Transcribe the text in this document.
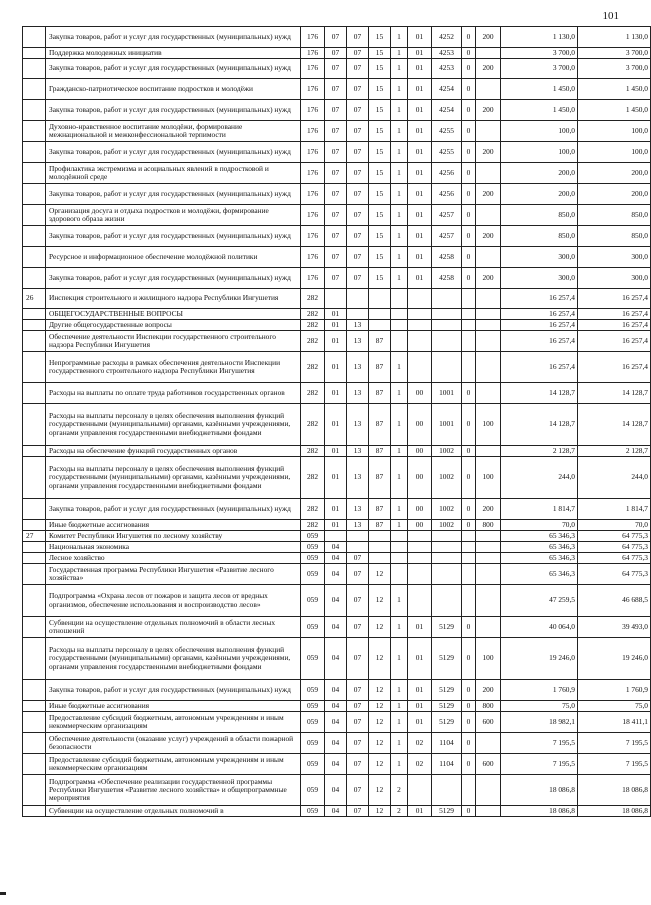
101
	Закупка товаров, работ и услуг для государственных (муниципальных) нужд	176	07	07	15	1	01	4252	0	200	1 130,0	1 130,0
	Поддержка молодежных инициатив	176	07	07	15	1	01	4253	0		3 700,0	3 700,0
	Закупка товаров, работ и услуг для государственных (муниципальных) нужд	176	07	07	15	1	01	4253	0	200	3 700,0	3 700,0
	Гражданско-патриотическое воспитание подростков и молодёжи	176	07	07	15	1	01	4254	0		1 450,0	1 450,0
	Закупка товаров, работ и услуг для государственных (муниципальных) нужд	176	07	07	15	1	01	4254	0	200	1 450,0	1 450,0
	Духовно-нравственное воспитание молодёжи, формирование межнациональной и межконфессиональной терпимости	176	07	07	15	1	01	4255	0		100,0	100,0
	Закупка товаров, работ и услуг для государственных (муниципальных) нужд	176	07	07	15	1	01	4255	0	200	100,0	100,0
	Профилактика экстремизма и асоциальных явлений в подростковой и молодёжной среде	176	07	07	15	1	01	4256	0		200,0	200,0
	Закупка товаров, работ и услуг для государственных (муниципальных) нужд	176	07	07	15	1	01	4256	0	200	200,0	200,0
	Организация досуга и отдыха подростков и молодёжи, формирование здорового образа жизни	176	07	07	15	1	01	4257	0		850,0	850,0
	Закупка товаров, работ и услуг для государственных (муниципальных) нужд	176	07	07	15	1	01	4257	0	200	850,0	850,0
	Ресурсное и информационное обеспечение молодёжной политики	176	07	07	15	1	01	4258	0		300,0	300,0
	Закупка товаров, работ и услуг для государственных (муниципальных) нужд	176	07	07	15	1	01	4258	0	200	300,0	300,0
26	Инспекция строительного и жилищного надзора Республики Ингушетия	282									16 257,4	16 257,4
	ОБЩЕГОСУДАРСТВЕННЫЕ ВОПРОСЫ	282	01								16 257,4	16 257,4
	Другие общегосударственные вопросы	282	01	13							16 257,4	16 257,4
	Обеспечение деятельности Инспекции государственного строительного надзора Республики Ингушетия	282	01	13	87						16 257,4	16 257,4
	Непрограммные расходы в рамках обеспечения деятельности Инспекции государственного строительного надзора Республики Ингушетия	282	01	13	87	1					16 257,4	16 257,4
	Расходы на выплаты по оплате труда работников государственных органов	282	01	13	87	1	00	1001	0		14 128,7	14 128,7
	Расходы на выплаты персоналу в целях обеспечения выполнения функций государственными (муниципальными) органами, казёнными учреждениями, органами управления государственными внебюджетными фондами	282	01	13	87	1	00	1001	0	100	14 128,7	14 128,7
	Расходы на обеспечение функций государственных органов	282	01	13	87	1	00	1002	0		2 128,7	2 128,7
	Расходы на выплаты персоналу в целях обеспечения выполнения функций государственными (муниципальными) органами, казёнными учреждениями, органами управления государственными внебюджетными фондами	282	01	13	87	1	00	1002	0	100	244,0	244,0
	Закупка товаров, работ и услуг для государственных (муниципальных) нужд	282	01	13	87	1	00	1002	0	200	1 814,7	1 814,7
	Иные бюджетные ассигнования	282	01	13	87	1	00	1002	0	800	70,0	70,0
27	Комитет Республики Ингушетия по лесному хозяйству	059									65 346,3	64 775,3
	Национальная экономика	059	04								65 346,3	64 775,3
	Лесное хозяйство	059	04	07							65 346,3	64 775,3
	Государственная программа Республики Ингушетия «Развитие лесного хозяйства»	059	04	07	12						65 346,3	64 775,3
	Подпрограмма «Охрана лесов от пожаров и защита лесов от вредных организмов, обеспечение использования и воспроизводство лесов»	059	04	07	12	1					47 259,5	46 688,5
	Субвенции на осуществление отдельных полномочий в области лесных отношений	059	04	07	12	1	01	5129	0		40 064,0	39 493,0
	Расходы на выплаты персоналу в целях обеспечения выполнения функций государственными (муниципальными) органами, казёнными учреждениями, органами управления государственными внебюджетными фондами	059	04	07	12	1	01	5129	0	100	19 246,0	19 246,0
	Закупка товаров, работ и услуг для государственных (муниципальных) нужд	059	04	07	12	1	01	5129	0	200	1 760,9	1 760,9
	Иные бюджетные ассигнования	059	04	07	12	1	01	5129	0	800	75,0	75,0
	Предоставление субсидий бюджетным, автономным учреждениям и иным некоммерческим организациям	059	04	07	12	1	01	5129	0	600	18 982,1	18 411,1
	Обеспечение деятельности (оказание услуг) учреждений в области пожарной безопасности	059	04	07	12	1	02	1104	0		7 195,5	7 195,5
	Предоставление субсидий бюджетным, автономным учреждениям и иным некоммерческим организациям	059	04	07	12	1	02	1104	0	600	7 195,5	7 195,5
	Подпрограмма «Обеспечение реализации государственной программы Республики Ингушетия «Развитие лесного хозяйства» и общепрограммные мероприятия	059	04	07	12	2					18 086,8	18 086,8
	Субвенции на осуществление отдельных полномочий в	059	04	07	12	2	01	5129	0		18 086,8	18 086,8
